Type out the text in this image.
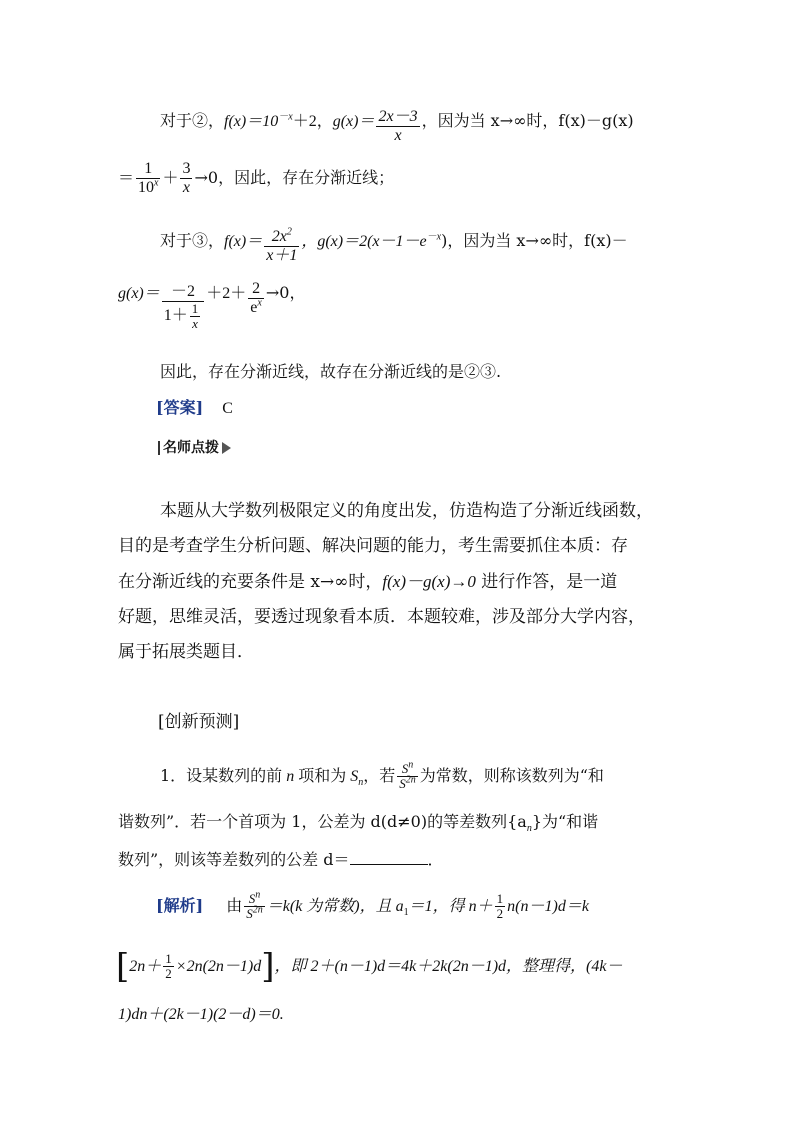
对于②，$f(x)=10^{-x}+2$，$g(x)= \frac{2x-3}{x}$ ，因为当 x→∞时，f(x)－g(x)
＝ $\frac{1}{10^x} + \frac{3}{x} \to 0$，因此，存在分渐近线；
对于③，$f(x)= \frac{2x^2}{x+1}$ ，$g(x)=2(x-1-e^{-x})$，因为当 x→∞时，f(x)－
$g(x)= \frac{-2}{1+ \frac{1}{x}} +2+ \frac{2}{e^x} \to 0$，
因此，存在分渐近线，故存在分渐近线的是②③.
[答案] C
名师点拨
本题从大学数列极限定义的角度出发，仿造构造了分渐近线函数，
目的是考查学生分析问题、解决问题的能力，考生需要抓住本质：存
在分渐近线的充要条件是 x→∞时，f(x)－g(x)→0 进行作答，是一道
好题，思维灵活，要透过现象看本质．本题较难，涉及部分大学内容，
属于拓展类题目．
[创新预测]
1．设某数列的前 n 项和为 $S_n$，若 $\frac{S^n}{S^{2n}}$ 为常数，则称该数列为“和
谐数列”．若一个首项为 1，公差为 d(d≠0)的等差数列$\{a_n\}$为“和谐
数列”，则该等差数列的公差 d＝	．
[解析] 由 $\frac{S^n}{S^{2n}} =k(k$ 为常数)，且 $a_1=1$，得 $n+ \frac{1}{2} n(n-1)d=k$
$[2n+ \frac{1}{2} \times 2n(2n-1)d]$，即 2＋(n－1)d＝4k＋2k(2n－1)d，整理得，(4k－
1)dn＋(2k－1)(2－d)＝0.
